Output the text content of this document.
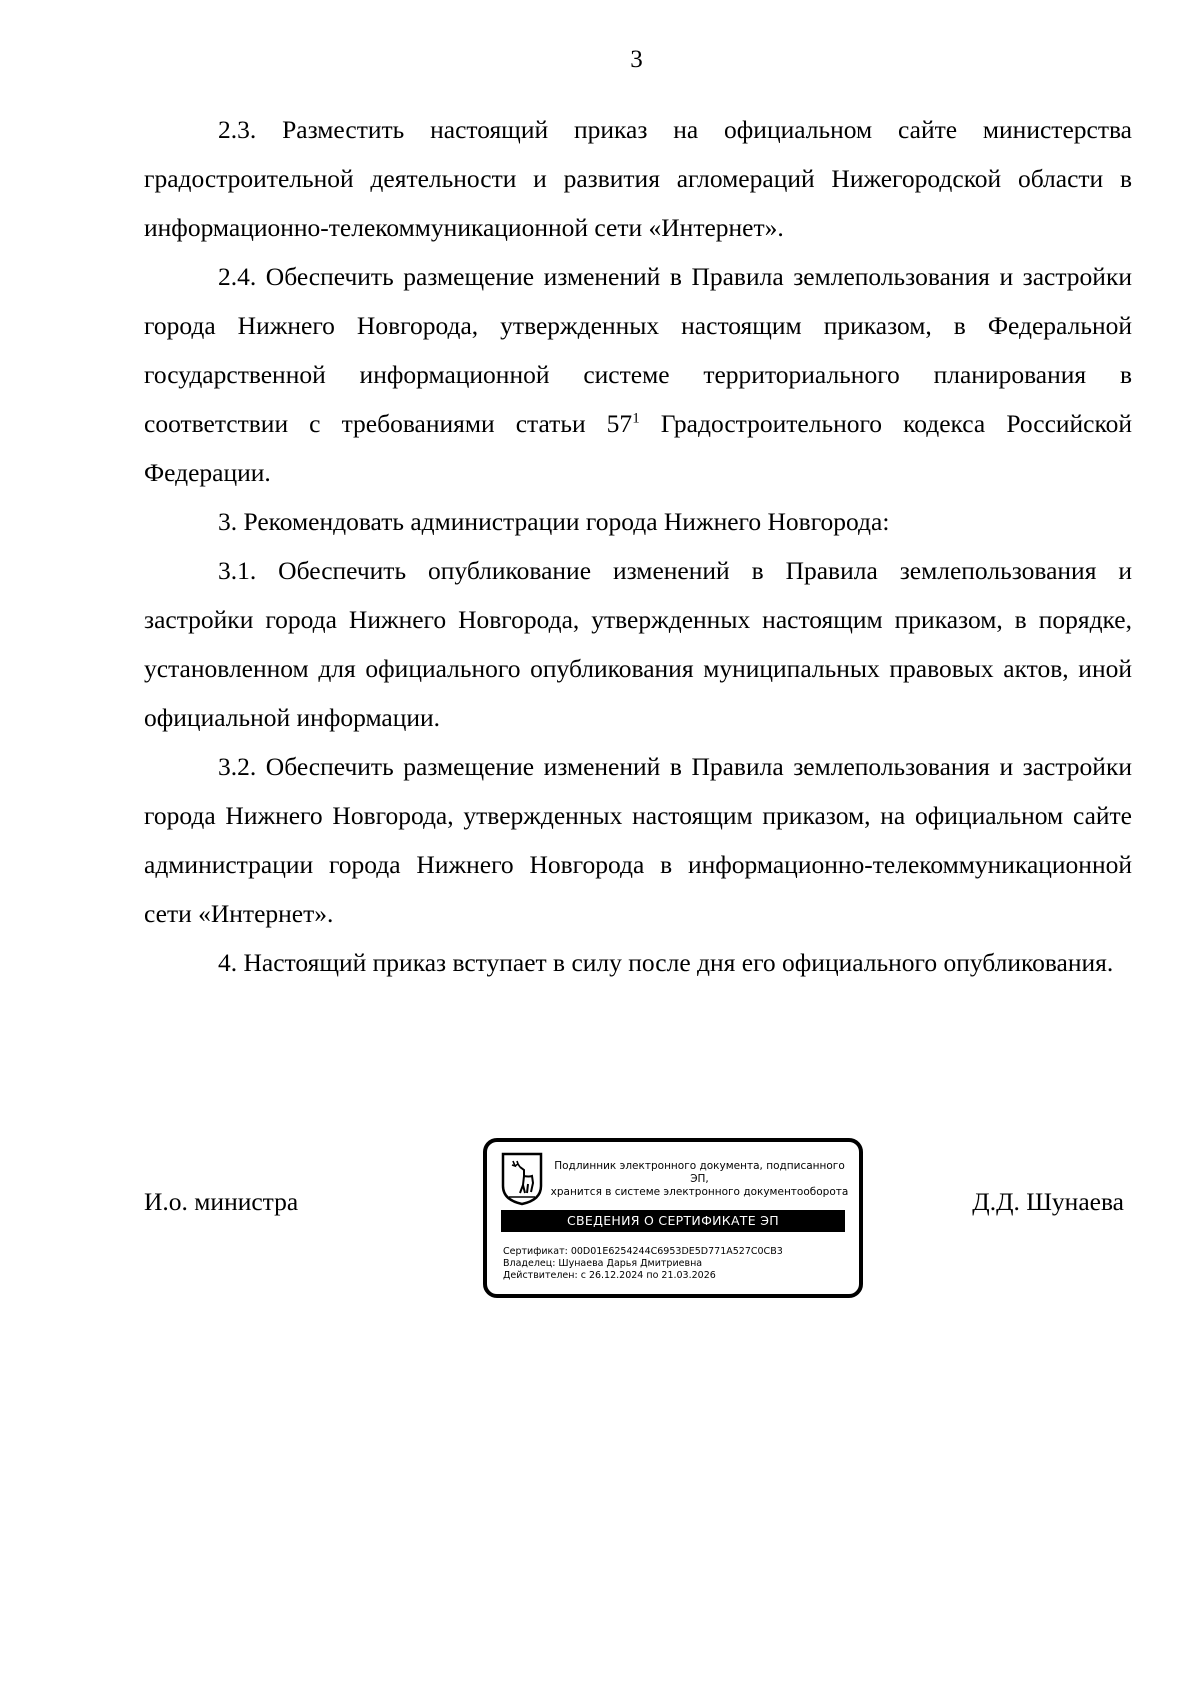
3

2.3. Разместить настоящий приказ на официальном сайте министерства градостроительной деятельности и развития агломераций Нижегородской области в информационно-телекоммуникационной сети «Интернет».

2.4. Обеспечить размещение изменений в Правила землепользования и застройки города Нижнего Новгорода, утвержденных настоящим приказом, в Федеральной государственной информационной системе территориального планирования в соответствии с требованиями статьи $57^1$ Градостроительного кодекса Российской Федерации.

3. Рекомендовать администрации города Нижнего Новгорода:

3.1. Обеспечить опубликование изменений в Правила землепользования и застройки города Нижнего Новгорода, утвержденных настоящим приказом, в порядке, установленном для официального опубликования муниципальных правовых актов, иной официальной информации.

3.2. Обеспечить размещение изменений в Правила землепользования и застройки города Нижнего Новгорода, утвержденных настоящим приказом, на официальном сайте администрации города Нижнего Новгорода в информационно-телекоммуникационной сети «Интернет».

4. Настоящий приказ вступает в силу после дня его официального опубликования.

И.о. министра
Подлинник электронного документа, подписанного ЭП,
хранится в системе электронного документооборота
СВЕДЕНИЯ О СЕРТИФИКАТЕ ЭП
Сертификат: 00D01E6254244C6953DE5D771A527C0CB3
Владелец: Шунаева Дарья Дмитриевна
Действителен: с 26.12.2024 по 21.03.2026
Д.Д. Шунаева
